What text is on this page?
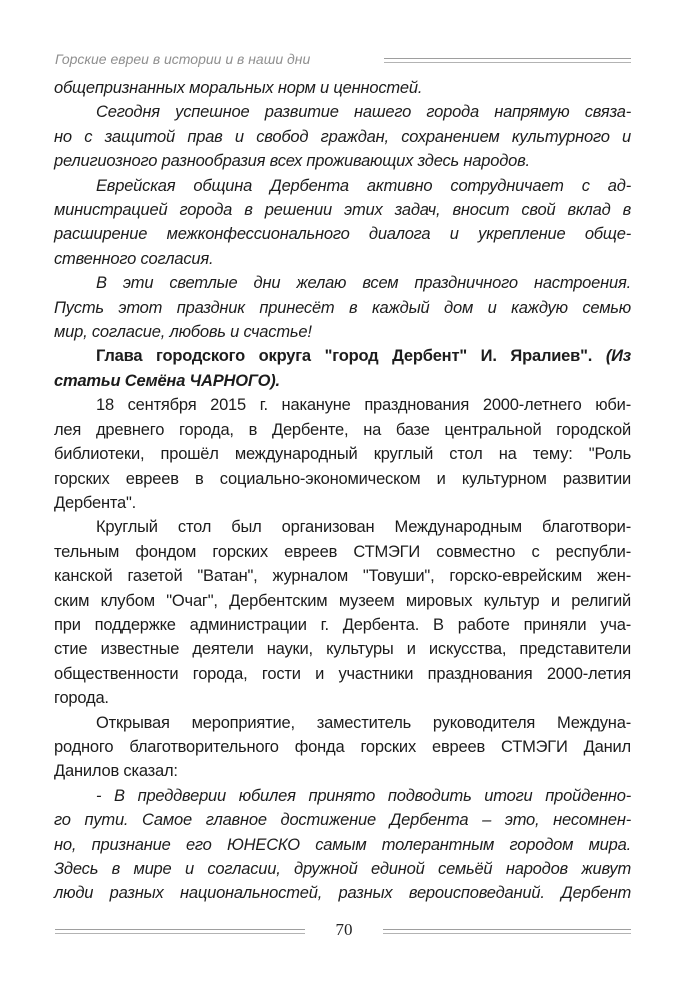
Горские евреи в истории и в наши дни
общепризнанных моральных норм и ценностей.
Сегодня успешное развитие нашего города напрямую связа-
но с защитой прав и свобод граждан, сохранением культурного и
религиозного разнообразия всех проживающих здесь народов.
Еврейская община Дербента активно сотрудничает с ад-
министрацией города в решении этих задач, вносит свой вклад в
расширение межконфессионального диалога и укрепление обще-
ственного согласия.
В эти светлые дни желаю всем праздничного настроения.
Пусть этот праздник принесёт в каждый дом и каждую семью
мир, согласие, любовь и счастье!
Глава городского округа "город Дербент" И. Яралиев". (Из
статьи Семёна ЧАРНОГО).
18 сентября 2015 г. накануне празднования 2000-летнего юби-
лея древнего города, в Дербенте, на базе центральной городской
библиотеки, прошёл международный круглый стол на тему: "Роль
горских евреев в социально-экономическом и культурном развитии
Дербента".
Круглый стол был организован Международным благотвори-
тельным фондом горских евреев СТМЭГИ совместно с республи-
канской газетой "Ватан", журналом "Товуши", горско-еврейским жен-
ским клубом "Очаг", Дербентским музеем мировых культур и религий
при поддержке администрации г. Дербента. В работе приняли уча-
стие известные деятели науки, культуры и искусства, представители
общественности города, гости и участники празднования 2000-летия
города.
Открывая мероприятие, заместитель руководителя Междуна-
родного благотворительного фонда горских евреев СТМЭГИ Данил
Данилов сказал:
- В преддверии юбилея принято подводить итоги пройденно-
го пути. Самое главное достижение Дербента – это, несомнен-
но, признание его ЮНЕСКО самым толерантным городом мира.
Здесь в мире и согласии, дружной единой семьёй народов живут
люди разных национальностей, разных вероисповеданий. Дербент
70
